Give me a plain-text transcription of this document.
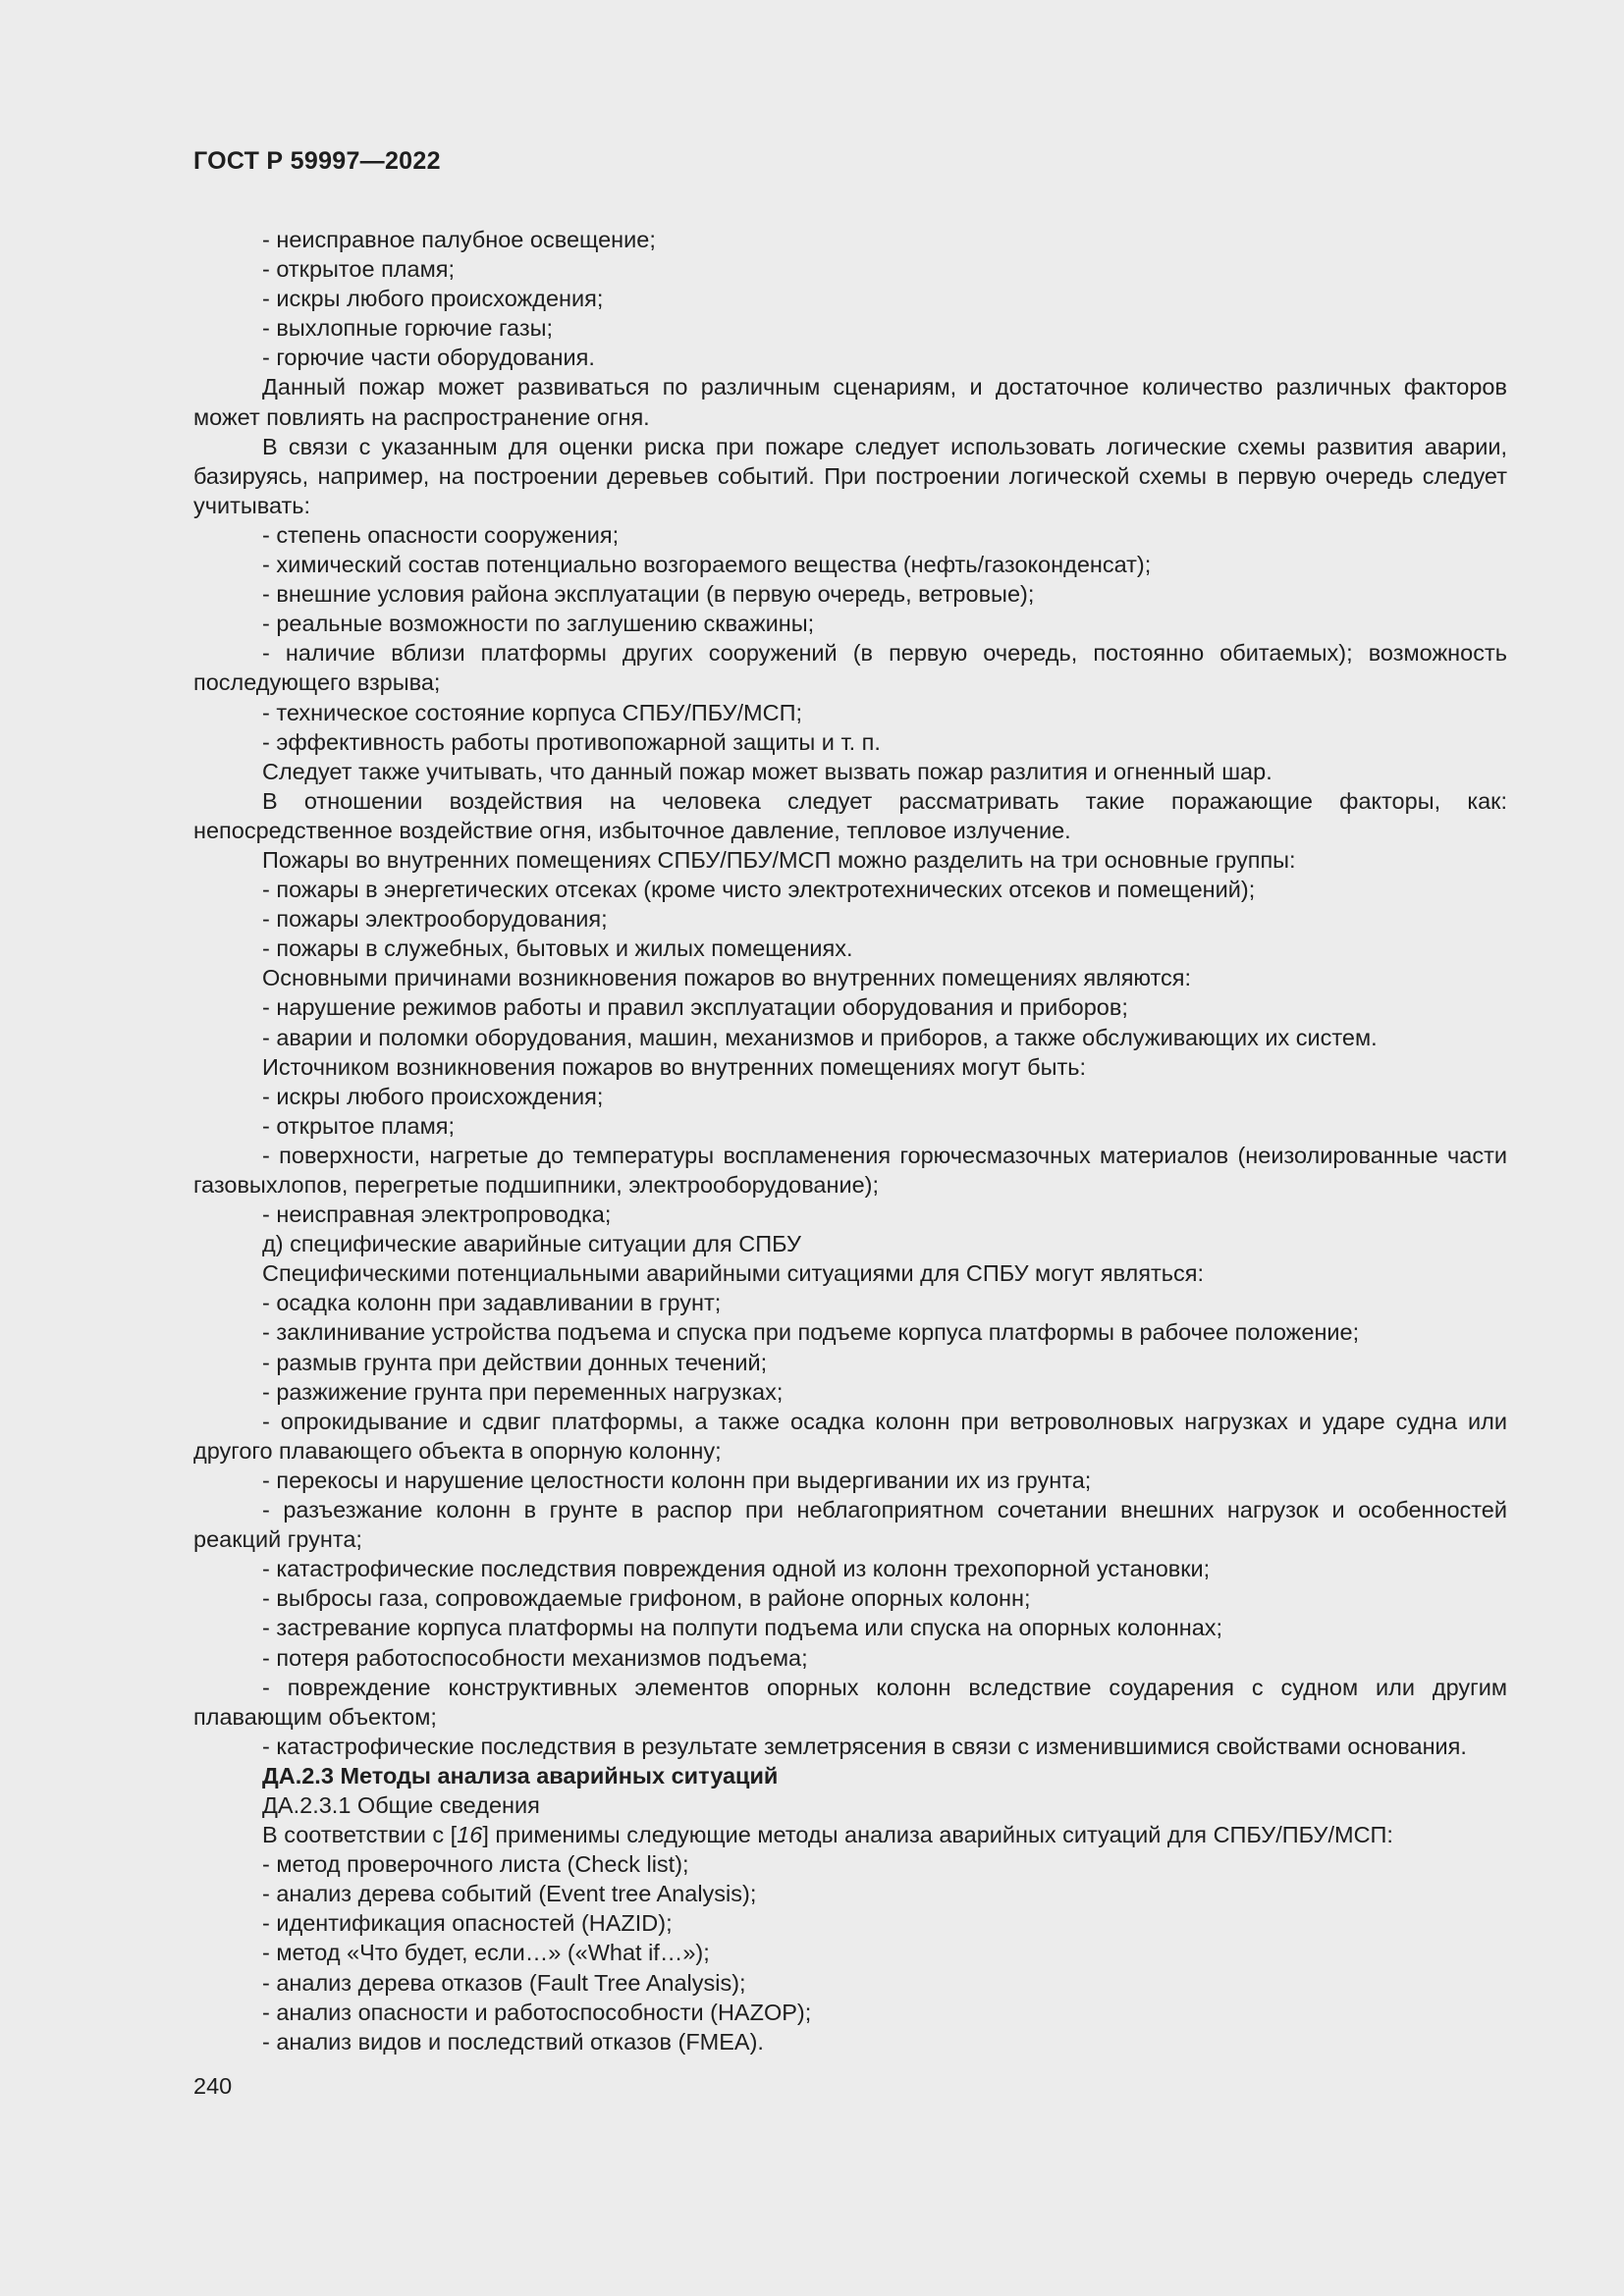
ГОСТ Р 59997—2022

- неисправное палубное освещение;

- открытое пламя;

- искры любого происхождения;

- выхлопные горючие газы;

- горючие части оборудования.

Данный пожар может развиваться по различным сценариям, и достаточное количество различных факторов может повлиять на распространение огня.

В связи с указанным для оценки риска при пожаре следует использовать логические схемы развития аварии, базируясь, например, на построении деревьев событий. При построении логической схемы в первую очередь следует учитывать:

- степень опасности сооружения;

- химический состав потенциально возгораемого вещества (нефть/газоконденсат);

- внешние условия района эксплуатации (в первую очередь, ветровые);

- реальные возможности по заглушению скважины;

- наличие вблизи платформы других сооружений (в первую очередь, постоянно обитаемых); возможность последующего взрыва;

- техническое состояние корпуса СПБУ/ПБУ/МСП;

- эффективность работы противопожарной защиты и т. п.

Следует также учитывать, что данный пожар может вызвать пожар разлития и огненный шар.

В отношении воздействия на человека следует рассматривать такие поражающие факторы, как: непосредственное воздействие огня, избыточное давление, тепловое излучение.

Пожары во внутренних помещениях СПБУ/ПБУ/МСП можно разделить на три основные группы:

- пожары в энергетических отсеках (кроме чисто электротехнических отсеков и помещений);

- пожары электрооборудования;

- пожары в служебных, бытовых и жилых помещениях.

Основными причинами возникновения пожаров во внутренних помещениях являются:

- нарушение режимов работы и правил эксплуатации оборудования и приборов;

- аварии и поломки оборудования, машин, механизмов и приборов, а также обслуживающих их систем.

Источником возникновения пожаров во внутренних помещениях могут быть:

- искры любого происхождения;

- открытое пламя;

- поверхности, нагретые до температуры воспламенения горючесмазочных материалов (неизолированные части газовыхлопов, перегретые подшипники, электрооборудование);

- неисправная электропроводка;

д) специфические аварийные ситуации для СПБУ

Специфическими потенциальными аварийными ситуациями для СПБУ могут являться:

- осадка колонн при задавливании в грунт;

- заклинивание устройства подъема и спуска при подъеме корпуса платформы в рабочее положение;

- размыв грунта при действии донных течений;

- разжижение грунта при переменных нагрузках;

- опрокидывание и сдвиг платформы, а также осадка колонн при ветроволновых нагрузках и ударе судна или другого плавающего объекта в опорную колонну;

- перекосы и нарушение целостности колонн при выдергивании их из грунта;

- разъезжание колонн в грунте в распор при неблагоприятном сочетании внешних нагрузок и особенностей реакций грунта;

- катастрофические последствия повреждения одной из колонн трехопорной установки;

- выбросы газа, сопровождаемые грифоном, в районе опорных колонн;

- застревание корпуса платформы на полпути подъема или спуска на опорных колоннах;

- потеря работоспособности механизмов подъема;

- повреждение конструктивных элементов опорных колонн вследствие соударения с судном или другим плавающим объектом;

- катастрофические последствия в результате землетрясения в связи с изменившимися свойствами основания.

ДА.2.3 Методы анализа аварийных ситуаций

ДА.2.3.1 Общие сведения

В соответствии с [16] применимы следующие методы анализа аварийных ситуаций для СПБУ/ПБУ/МСП:

- метод проверочного листа (Check list);

- анализ дерева событий (Event tree Analysis);

- идентификация опасностей (HAZID);

- метод «Что будет, если…» («What if…»);

- анализ дерева отказов (Fault Tree Analysis);

- анализ опасности и работоспособности (HAZOP);

- анализ видов и последствий отказов (FMEA).

240
